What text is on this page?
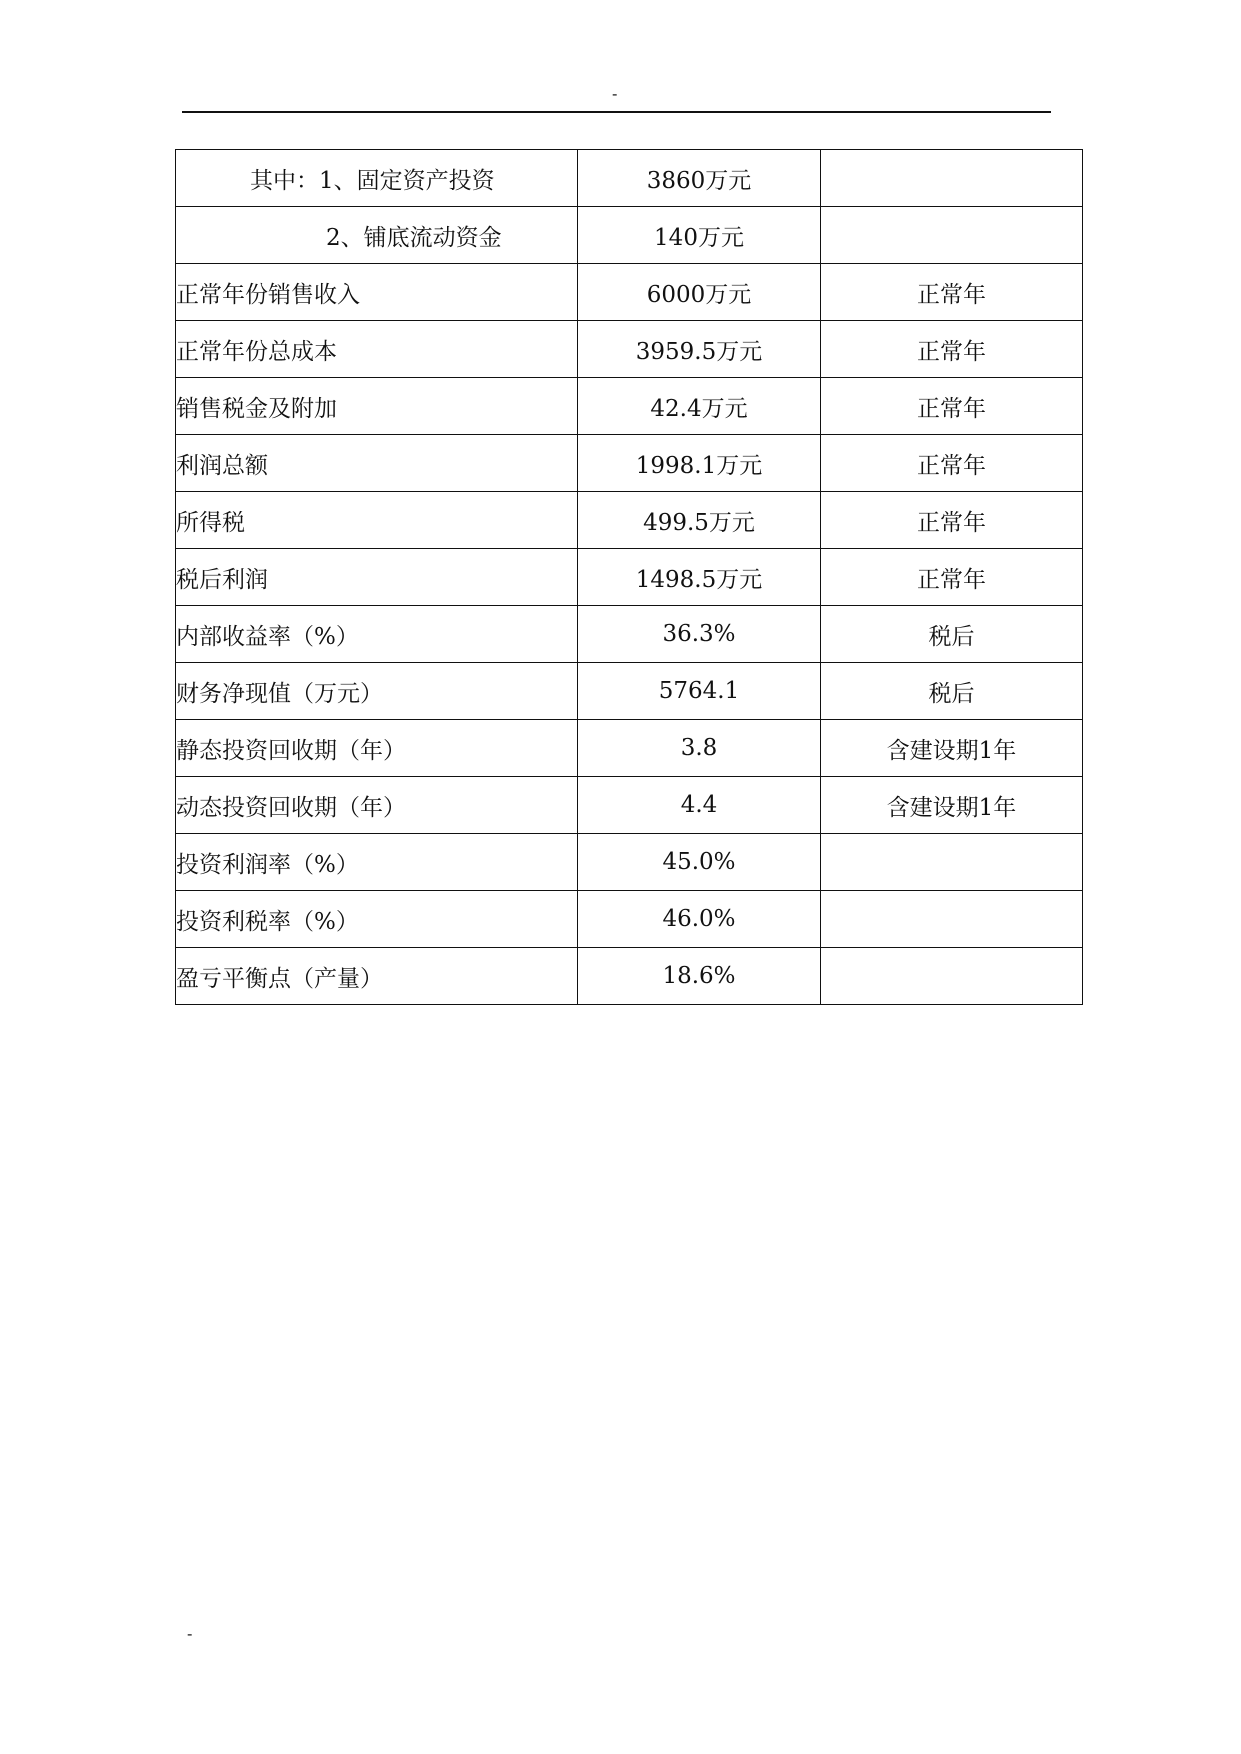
-
其中：1、固定资产投资	3860万元	
2、铺底流动资金	140万元	
正常年份销售收入	6000万元	正常年
正常年份总成本	3959.5万元	正常年
销售税金及附加	42.4万元	正常年
利润总额	1998.1万元	正常年
所得税	499.5万元	正常年
税后利润	1498.5万元	正常年
内部收益率（%）	36.3%	税后
财务净现值（万元）	5764.1	税后
静态投资回收期（年）	3.8	含建设期1年
动态投资回收期（年）	4.4	含建设期1年
投资利润率（%）	45.0%	
投资利税率（%）	46.0%	
盈亏平衡点（产量）	18.6%	
-
